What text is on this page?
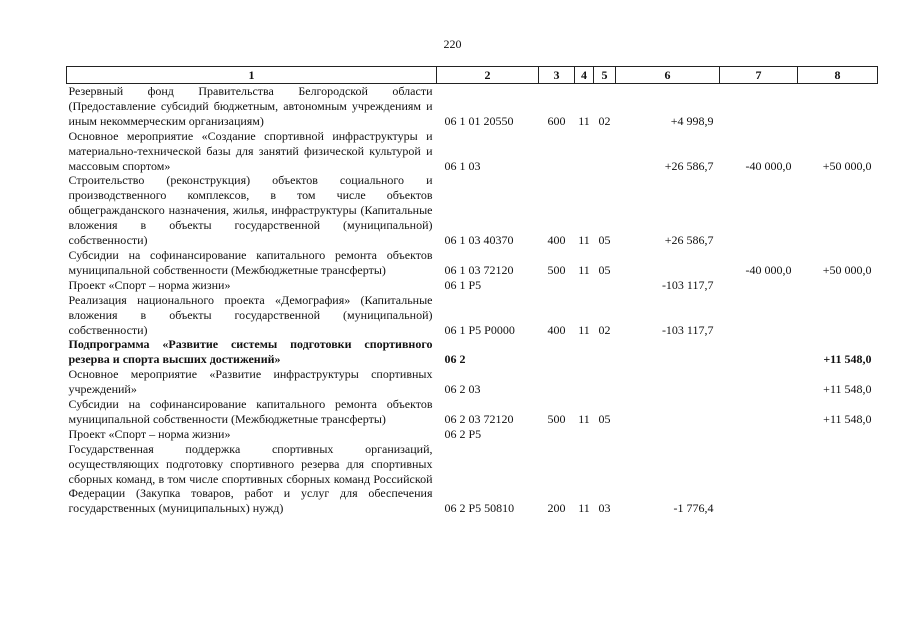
220
1	2	3	4	5	6	7	8
Резервный фонд Правительства Белгородской области (Предоставление субсидий бюджетным, автономным учреждениям и иным некоммерческим организациям)	06 1 01 20550	600	11	02	+4 998,9		
Основное мероприятие «Создание спортивной инфраструктуры и материально-технической базы для занятий физической культурой и массовым спортом»	06 1 03				+26 586,7	-40 000,0	+50 000,0
Строительство (реконструкция) объектов социального и производственного комплексов, в том числе объектов общегражданского назначения, жилья, инфраструктуры (Капитальные вложения в объекты государственной (муниципальной) собственности)	06 1 03 40370	400	11	05	+26 586,7		
Субсидии на софинансирование капитального ремонта объектов муниципальной собственности (Межбюджетные трансферты)	06 1 03 72120	500	11	05		-40 000,0	+50 000,0
Проект «Спорт – норма жизни»	06 1 P5				-103 117,7		
Реализация национального проекта «Демография» (Капитальные вложения в объекты государственной (муниципальной) собственности)	06 1 P5 P0000	400	11	02	-103 117,7		
Подпрограмма «Развитие системы подготовки спортивного резерва и спорта высших достижений»	06 2						+11 548,0
Основное мероприятие «Развитие инфраструктуры спортивных учреждений»	06 2 03						+11 548,0
Субсидии на софинансирование капитального ремонта объектов муниципальной собственности (Межбюджетные трансферты)	06 2 03 72120	500	11	05			+11 548,0
Проект «Спорт – норма жизни»	06 2 P5						
Государственная поддержка спортивных организаций, осуществляющих подготовку спортивного резерва для спортивных сборных команд, в том числе спортивных сборных команд Российской Федерации (Закупка товаров, работ и услуг для обеспечения государственных (муниципальных) нужд)	06 2 P5 50810	200	11	03	-1 776,4		
